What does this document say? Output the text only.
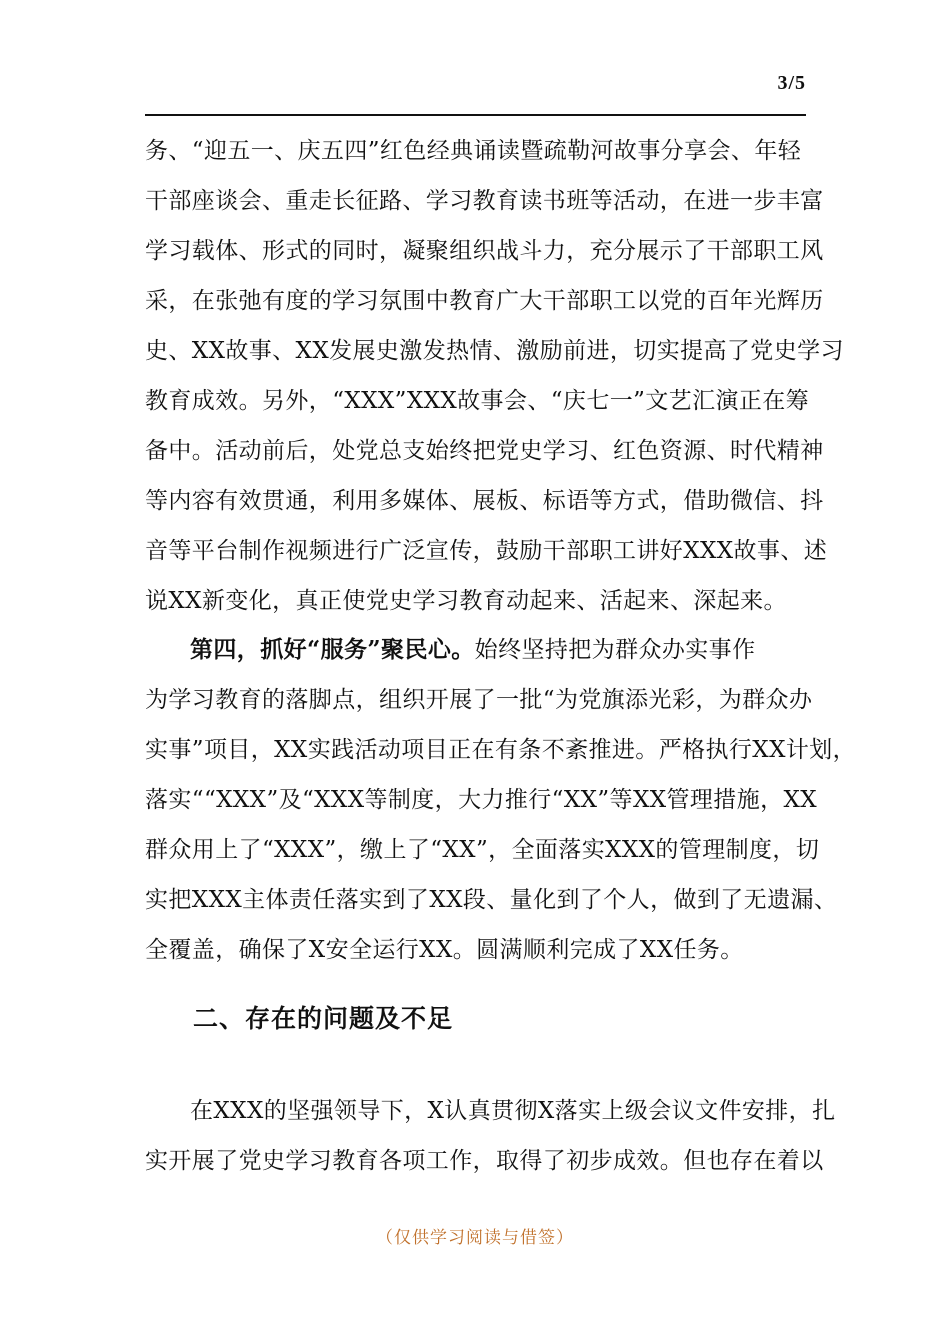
3/5
务、“迎五一、庆五四”红色经典诵读暨疏勒河故事分享会、年轻
干部座谈会、重走长征路、学习教育读书班等活动，在进一步丰富
学习载体、形式的同时，凝聚组织战斗力，充分展示了干部职工风
采，在张弛有度的学习氛围中教育广大干部职工以党的百年光辉历
史、XX故事、XX发展史激发热情、激励前进，切实提高了党史学习
教育成效。另外，“XXX”XXX故事会、“庆七一”文艺汇演正在筹
备中。活动前后，处党总支始终把党史学习、红色资源、时代精神
等内容有效贯通，利用多媒体、展板、标语等方式，借助微信、抖
音等平台制作视频进行广泛宣传，鼓励干部职工讲好XXX故事、述
说XX新变化，真正使党史学习教育动起来、活起来、深起来。
第四，抓好“服务”聚民心。始终坚持把为群众办实事作
为学习教育的落脚点，组织开展了一批“为党旗添光彩，为群众办
实事”项目，XX实践活动项目正在有条不紊推进。严格执行XX计划，
落实““XXX”及“XXX等制度，大力推行“XX”等XX管理措施，XX
群众用上了“XXX”，缴上了“XX”，全面落实XXX的管理制度，切
实把XXX主体责任落实到了XX段、量化到了个人，做到了无遗漏、
全覆盖，确保了X安全运行XX。圆满顺利完成了XX任务。
二、存在的问题及不足
在XXX的坚强领导下，X认真贯彻X落实上级会议文件安排，扎
实开展了党史学习教育各项工作，取得了初步成效。但也存在着以
（仅供学习阅读与借签）
